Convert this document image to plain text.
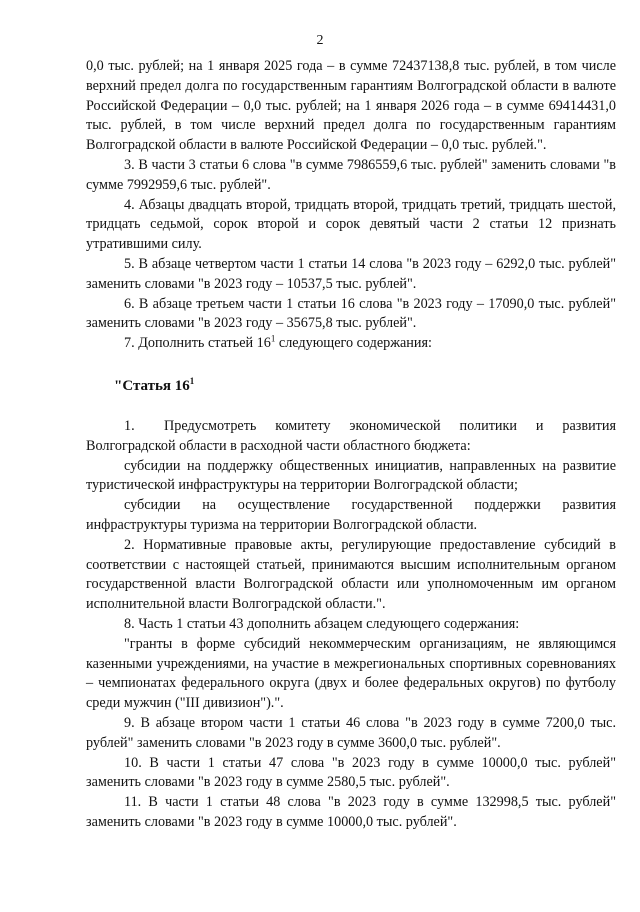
2

0,0 тыс. рублей; на 1 января 2025 года – в сумме 72437138,8 тыс. рублей, в том числе верхний предел долга по государственным гарантиям Волгоградской области в валюте Российской Федерации – 0,0 тыс. рублей; на 1 января 2026 года – в сумме 69414431,0 тыс. рублей, в том числе верхний предел долга по государственным гарантиям Волгоградской области в валюте Российской Федерации – 0,0 тыс. рублей.".

3. В части 3 статьи 6 слова "в сумме 7986559,6 тыс. рублей" заменить словами "в сумме 7992959,6 тыс. рублей".

4. Абзацы двадцать второй, тридцать второй, тридцать третий, тридцать шестой, тридцать седьмой, сорок второй и сорок девятый части 2 статьи 12 признать утратившими силу.

5. В абзаце четвертом части 1 статьи 14 слова "в 2023 году – 6292,0 тыс. рублей" заменить словами "в 2023 году – 10537,5 тыс. рублей".

6. В абзаце третьем части 1 статьи 16 слова "в 2023 году – 17090,0 тыс. рублей" заменить словами "в 2023 году – 35675,8 тыс. рублей".

7. Дополнить статьей $16^1$ следующего содержания:

"Статья $16^1$

1. Предусмотреть комитету экономической политики и развития Волгоградской области в расходной части областного бюджета:

субсидии на поддержку общественных инициатив, направленных на развитие туристической инфраструктуры на территории Волгоградской области;

субсидии на осуществление государственной поддержки развития инфраструктуры туризма на территории Волгоградской области.

2. Нормативные правовые акты, регулирующие предоставление субсидий в соответствии с настоящей статьей, принимаются высшим исполнительным органом государственной власти Волгоградской области или уполномоченным им органом исполнительной власти Волгоградской области.".

8. Часть 1 статьи 43 дополнить абзацем следующего содержания:

"гранты в форме субсидий некоммерческим организациям, не являющимся казенными учреждениями, на участие в межрегиональных спортивных соревнованиях – чемпионатах федерального округа (двух и более федеральных округов) по футболу среди мужчин ("III дивизион").".

9. В абзаце втором части 1 статьи 46 слова "в 2023 году в сумме 7200,0 тыс. рублей" заменить словами "в 2023 году в сумме 3600,0 тыс. рублей".

10. В части 1 статьи 47 слова "в 2023 году в сумме 10000,0 тыс. рублей" заменить словами "в 2023 году в сумме 2580,5 тыс. рублей".

11. В части 1 статьи 48 слова "в 2023 году в сумме 132998,5 тыс. рублей" заменить словами "в 2023 году в сумме 10000,0 тыс. рублей".
